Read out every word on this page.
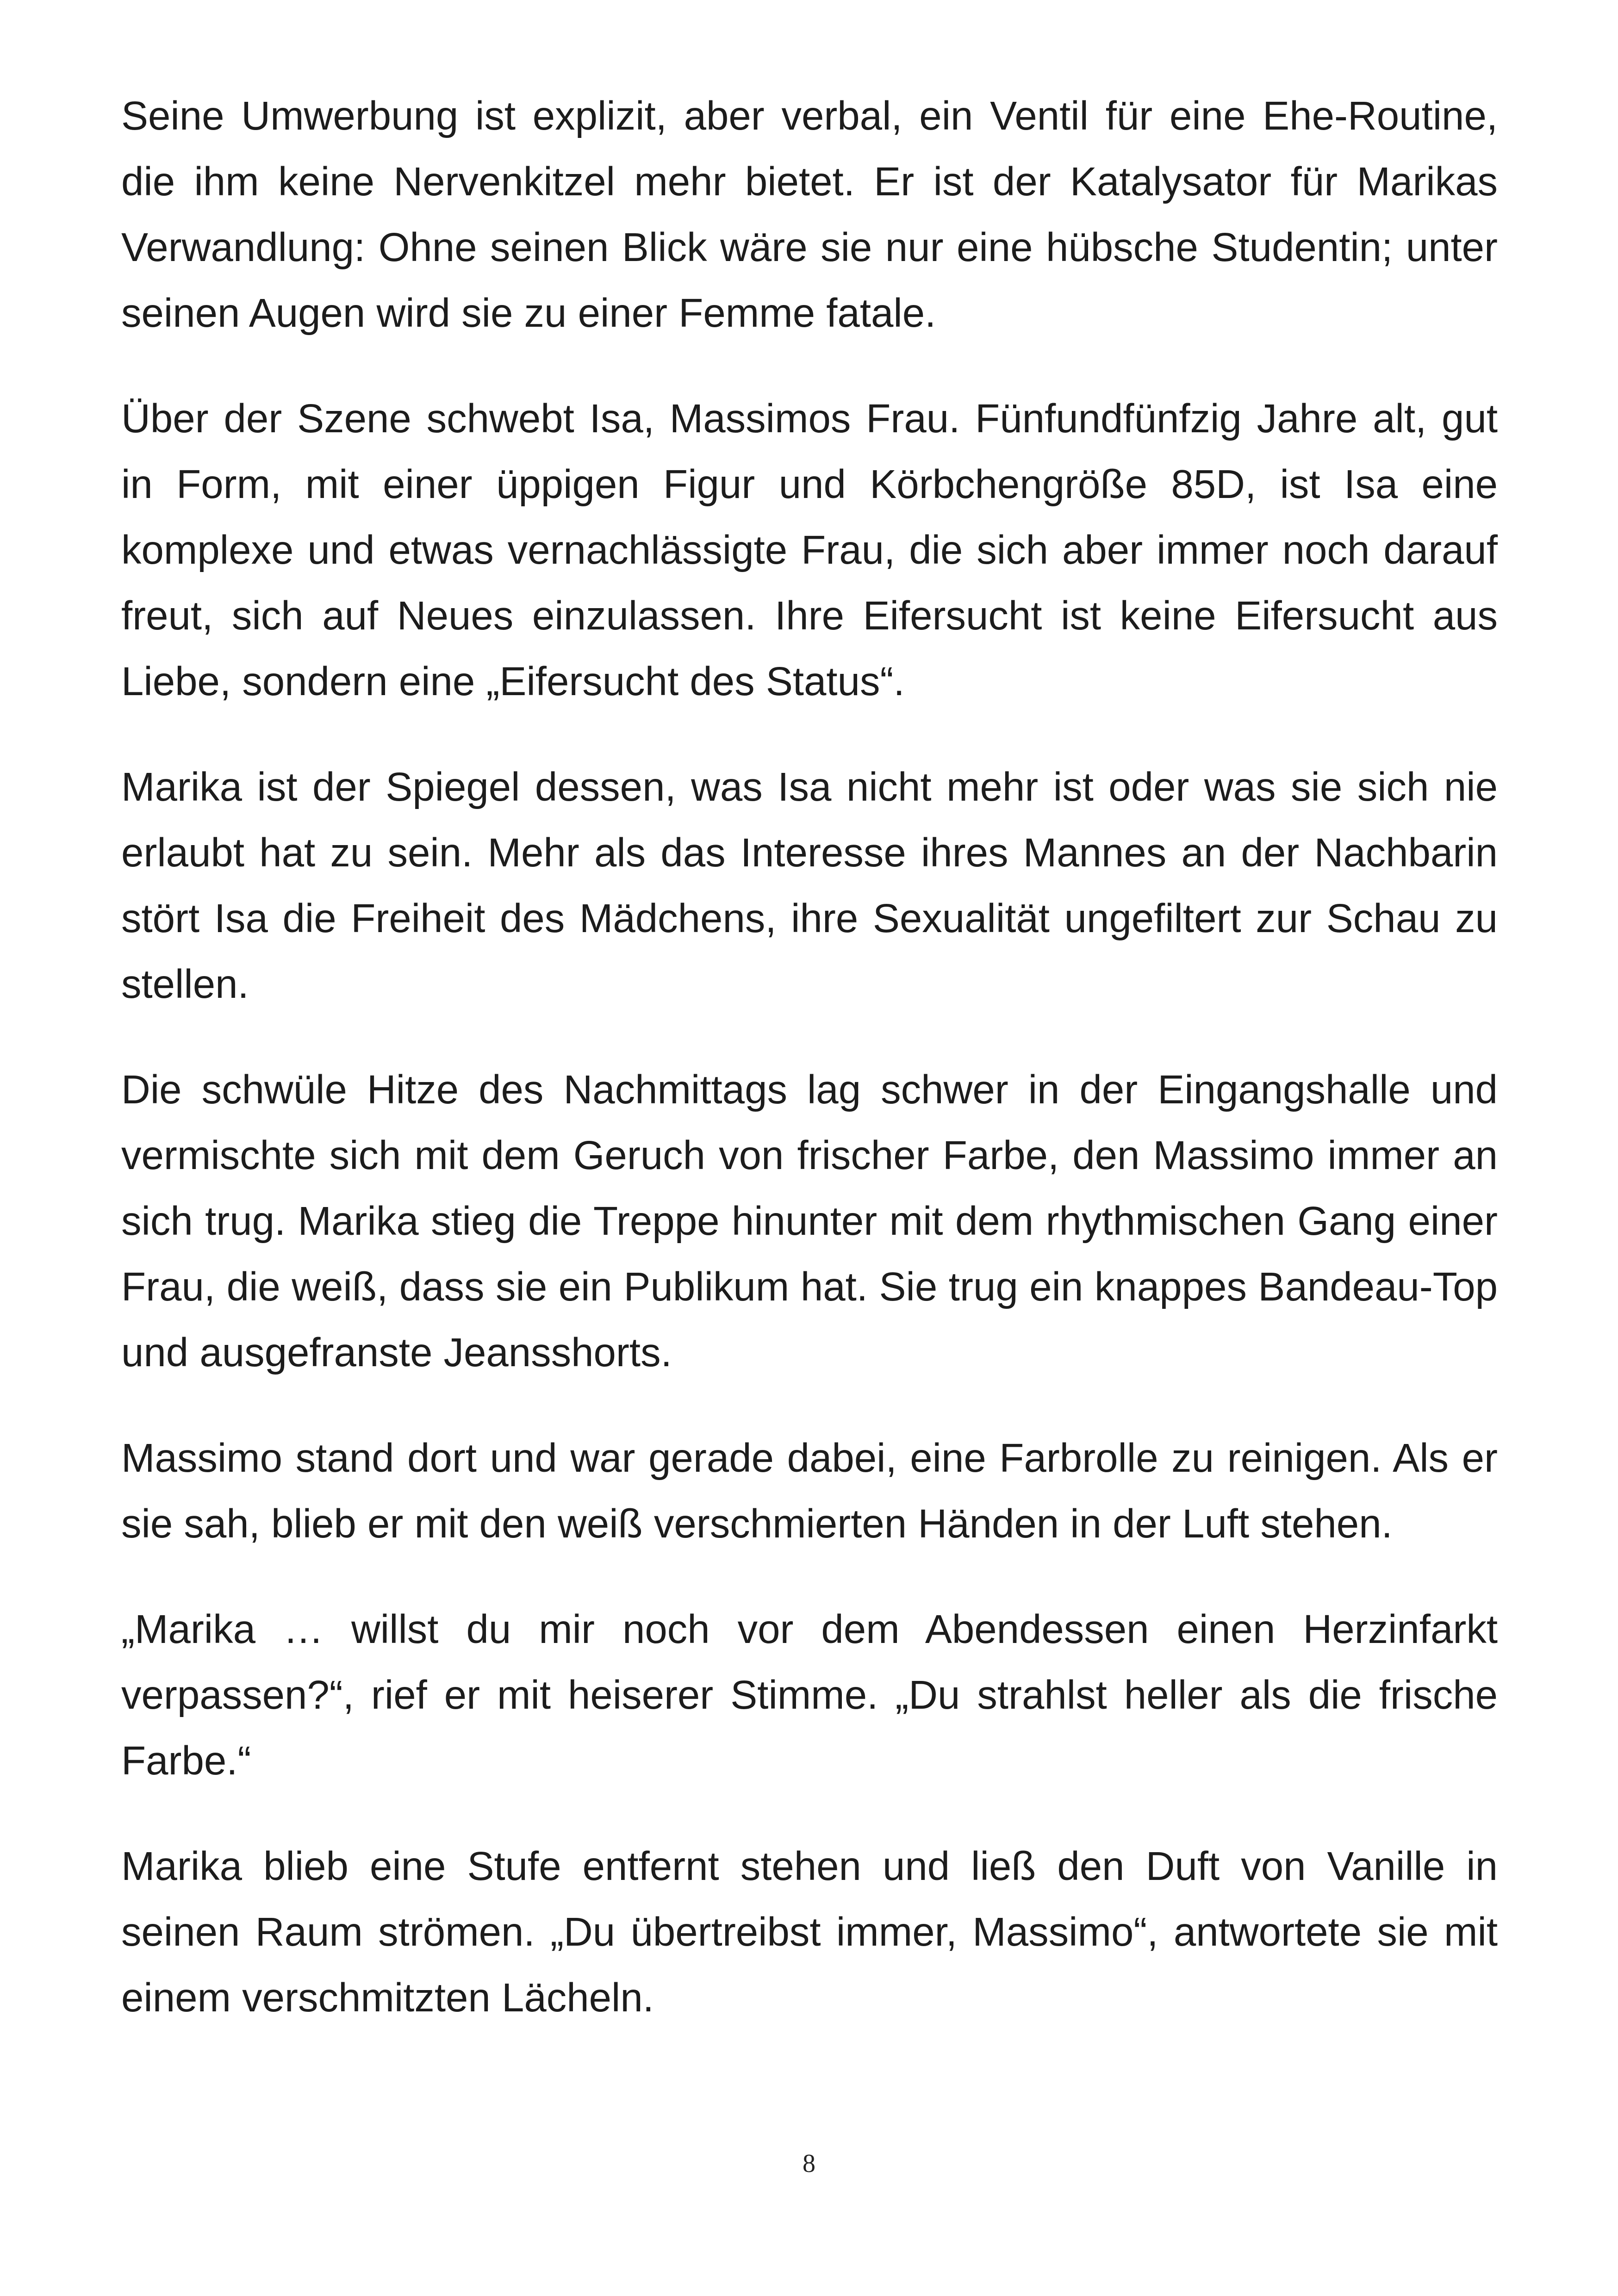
Seine Umwerbung ist explizit, aber verbal, ein Ventil für eine Ehe-Routine, die ihm keine Nervenkitzel mehr bietet. Er ist der Katalysator für Marikas Verwandlung: Ohne seinen Blick wäre sie nur eine hübsche Studentin; unter seinen Augen wird sie zu einer Femme fatale.

Über der Szene schwebt Isa, Massimos Frau. Fünfundfünfzig Jahre alt, gut in Form, mit einer üppigen Figur und Körbchengröße 85D, ist Isa eine komplexe und etwas vernachlässigte Frau, die sich aber immer noch darauf freut, sich auf Neues einzulassen. Ihre Eifersucht ist keine Eifersucht aus Liebe, sondern eine „Eifersucht des Status“.

Marika ist der Spiegel dessen, was Isa nicht mehr ist oder was sie sich nie erlaubt hat zu sein. Mehr als das Interesse ihres Mannes an der Nachbarin stört Isa die Freiheit des Mädchens, ihre Sexualität ungefiltert zur Schau zu stellen.

Die schwüle Hitze des Nachmittags lag schwer in der Eingangshalle und vermischte sich mit dem Geruch von frischer Farbe, den Massimo immer an sich trug. Marika stieg die Treppe hinunter mit dem rhythmischen Gang einer Frau, die weiß, dass sie ein Publikum hat. Sie trug ein knappes Bandeau-Top und ausgefranste Jeansshorts.

Massimo stand dort und war gerade dabei, eine Farbrolle zu reinigen. Als er sie sah, blieb er mit den weiß verschmierten Händen in der Luft stehen.

„Marika … willst du mir noch vor dem Abendessen einen Herzinfarkt verpassen?“, rief er mit heiserer Stimme. „Du strahlst heller als die frische Farbe.“

Marika blieb eine Stufe entfernt stehen und ließ den Duft von Vanille in seinen Raum strömen. „Du übertreibst immer, Massimo“, antwortete sie mit einem verschmitzten Lächeln.

8
